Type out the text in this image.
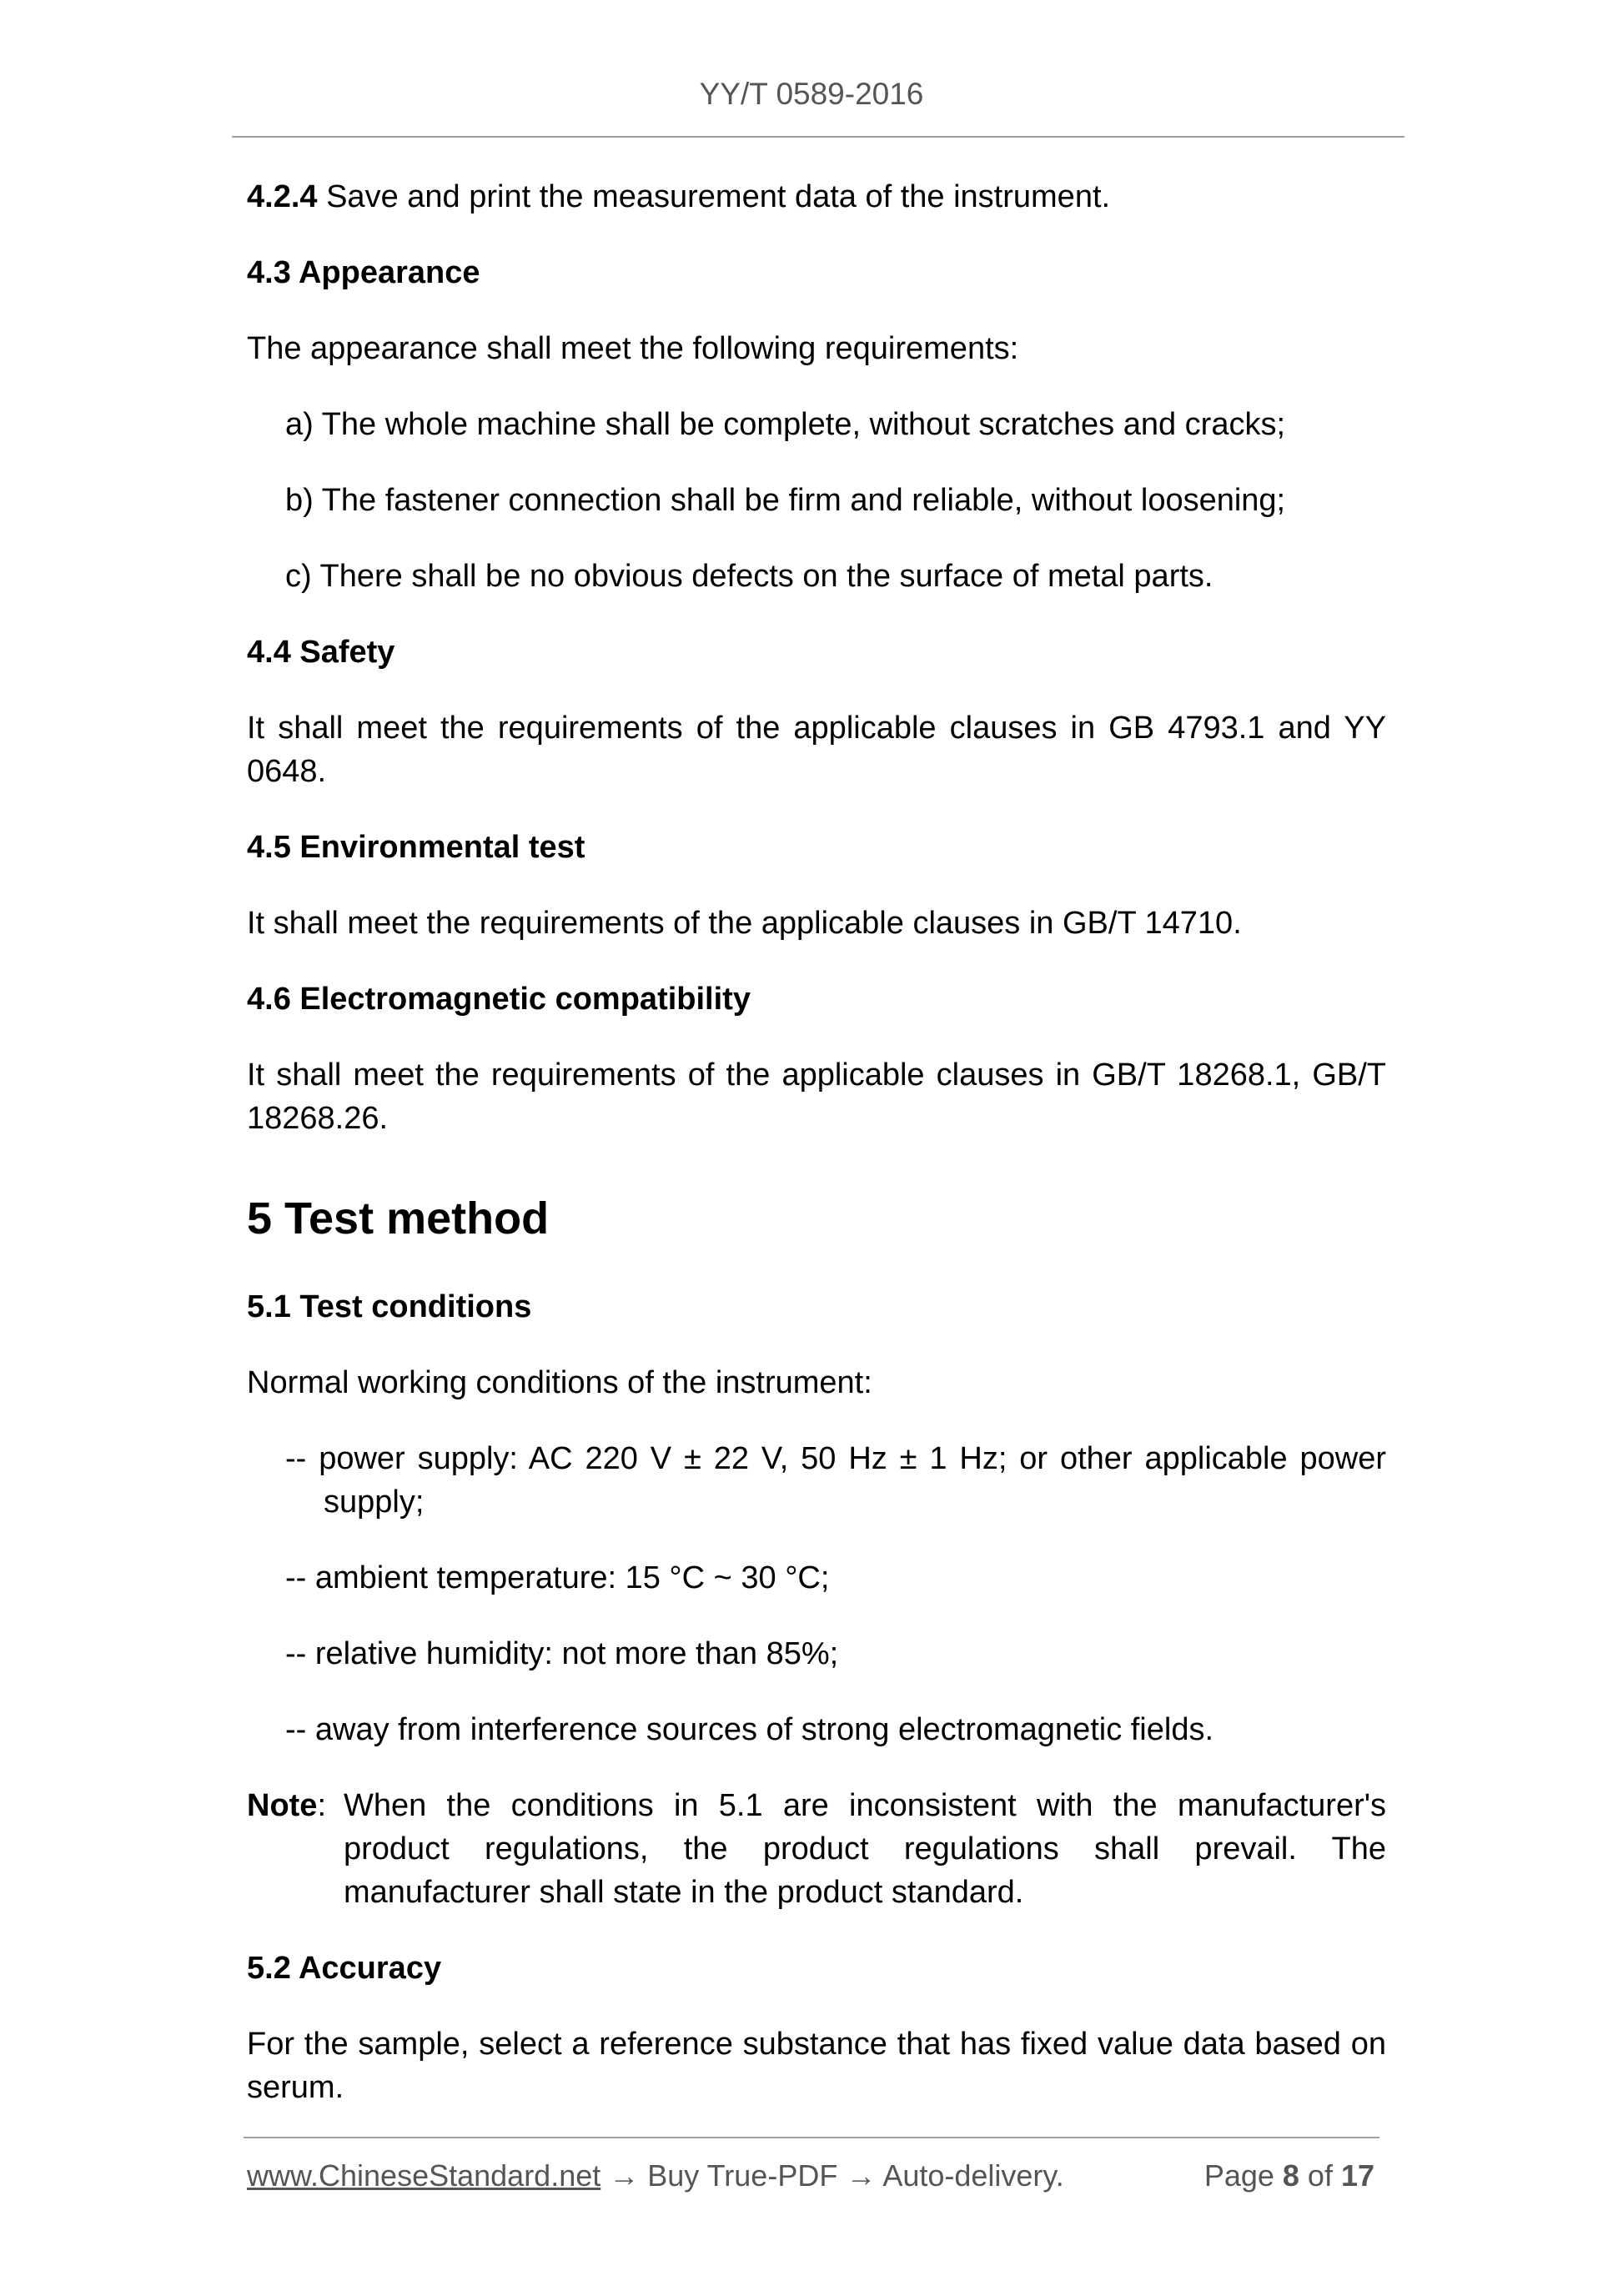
YY/T 0589-2016

4.2.4 Save and print the measurement data of the instrument.

4.3 Appearance

The appearance shall meet the following requirements:

a) The whole machine shall be complete, without scratches and cracks;
b) The fastener connection shall be firm and reliable, without loosening;
c) There shall be no obvious defects on the surface of metal parts.
4.4 Safety

It shall meet the requirements of the applicable clauses in GB 4793.1 and YY 0648.

4.5 Environmental test

It shall meet the requirements of the applicable clauses in GB/T 14710.

4.6 Electromagnetic compatibility

It shall meet the requirements of the applicable clauses in GB/T 18268.1, GB/T 18268.26.

5 Test method
5.1 Test conditions

Normal working conditions of the instrument:

-- power supply: AC 220 V ± 22 V, 50 Hz ± 1 Hz; or other applicable power supply;
-- ambient temperature: 15 °C ~ 30 °C;
-- relative humidity: not more than 85%;
-- away from interference sources of strong electromagnetic fields.
Note: When the conditions in 5.1 are inconsistent with the manufacturer's product regulations, the product regulations shall prevail. The manufacturer shall state in the product standard.
5.2 Accuracy

For the sample, select a reference substance that has fixed value data based on serum.

www.ChineseStandard.net → Buy True-PDF → Auto-delivery.	Page 8 of 17
